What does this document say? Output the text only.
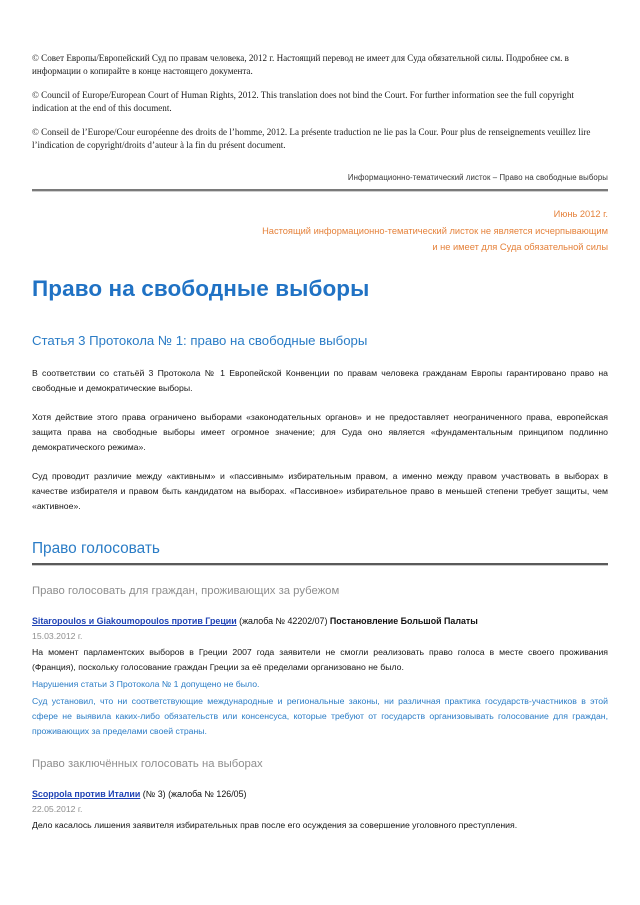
© Совет Европы/Европейский Суд по правам человека, 2012 г. Настоящий перевод не имеет для Суда обязательной силы. Подробнее см. в информации о копирайте в конце настоящего документа.

© Council of Europe/European Court of Human Rights, 2012. This translation does not bind the Court. For further information see the full copyright indication at the end of this document.

© Conseil de l’Europe/Cour européenne des droits de l’homme, 2012. La présente traduction ne lie pas la Cour. Pour plus de renseignements veuillez lire l’indication de copyright/droits d’auteur à la fin du présent document.

Информационно-тематический листок – Право на свободные выборы
Июнь 2012 г.
Настоящий информационно-тематический листок не является исчерпывающим
и не имеет для Суда обязательной силы
Право на свободные выборы
Статья 3 Протокола № 1: право на свободные выборы
В соответствии со статьёй 3 Протокола № 1 Европейской Конвенции по правам человека гражданам Европы гарантировано право на свободные и демократические выборы.
Хотя действие этого права ограничено выборами «законодательных органов» и не предоставляет неограниченного права, европейская защита права на свободные выборы имеет огромное значение; для Суда оно является «фундаментальным принципом подлинно демократического режима».
Суд проводит различие между «активным» и «пассивным» избирательным правом, а именно между правом участвовать в выборах в качестве избирателя и правом быть кандидатом на выборах. «Пассивное» избирательное право в меньшей степени требует защиты, чем «активное».
Право голосовать
Право голосовать для граждан, проживающих за рубежом
Sitaropoulos и Giakoumopoulos против Греции (жалоба № 42202/07) Постановление Большой Палаты
15.03.2012 г.
На момент парламентских выборов в Греции 2007 года заявители не смогли реализовать право голоса в месте своего проживания (Франция), поскольку голосование граждан Греции за её пределами организовано не было.
Нарушения статьи 3 Протокола № 1 допущено не было.
Суд установил, что ни соответствующие международные и региональные законы, ни различная практика государств-участников в этой сфере не выявила каких-либо обязательств или консенсуса, которые требуют от государств организовывать голосование для граждан, проживающих за пределами своей страны.
Право заключённых голосовать на выборах
Scoppola против Италии (№ 3) (жалоба № 126/05)
22.05.2012 г.
Дело касалось лишения заявителя избирательных прав после его осуждения за совершение уголовного преступления.
